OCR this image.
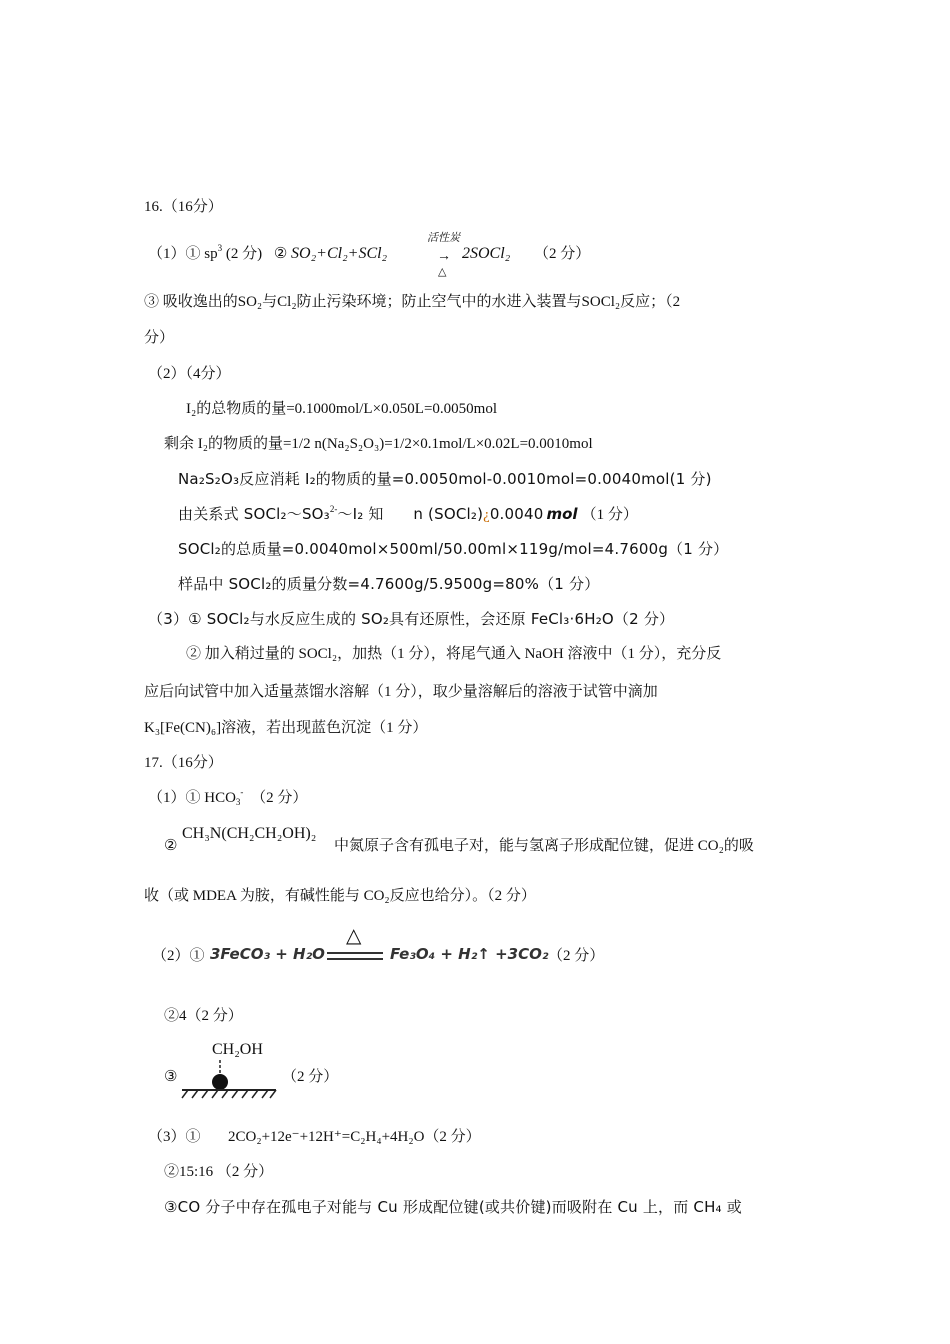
16.（16分）
（1）① $sp^3$ (2 分) ② SO₂+Cl₂+SCl₂
活性炭
→
△
2SOCl₂ （2 分）
③ 吸收逸出的SO₂与Cl₂防止污染环境；防止空气中的水进入装置与SOCl₂反应；（2
分）
（2）（4分）
I₂的总物质的量=0.1000mol/L×0.050L=0.0050mol
剩余 I₂的物质的量=1/2 n(Na₂S₂O₃)=1/2×0.1mol/L×0.02L=0.0010mol
Na₂S₂O₃反应消耗 I₂的物质的量=0.0050mol-0.0010mol=0.0040mol(1 分)
由关系式 SOCl₂～SO₃$^{2-}$～I₂ 知 n (SOCl₂)¿0.0040 mol （1 分）
SOCl₂的总质量=0.0040mol×500ml/50.00ml×119g/mol=4.7600g（1 分）
样品中 SOCl₂的质量分数=4.7600g/5.9500g=80%（1 分）
（3）① SOCl₂与水反应生成的 SO₂具有还原性，会还原 FeCl₃·6H₂O（2 分）
② 加入稍过量的 SOCl₂，加热（1 分），将尾气通入 NaOH 溶液中（1 分），充分反
应后向试管中加入适量蒸馏水溶解（1 分），取少量溶解后的溶液于试管中滴加
K₃[Fe(CN)₆]溶液，若出现蓝色沉淀（1 分）
17.（16分）
（1）① $HCO_3^-$ （2 分）
②
CH₃N(CH₂CH₂OH)₂
中氮原子含有孤电子对，能与氢离子形成配位键，促进 CO₂的吸
收（或 MDEA 为胺，有碱性能与 CO₂反应也给分）。（2 分）
（2）① 3FeCO₃ + H₂O
△
Fe₃O₄ + H₂↑ +3CO₂ （2 分）
②4（2 分）
③
CH₂OH
（2 分）
（3）① 2CO₂+12e⁻+12H⁺=C₂H₄+4H₂O（2 分）
②15:16 （2 分）
③CO 分子中存在孤电子对能与 Cu 形成配位键(或共价键)而吸附在 Cu 上，而 CH₄ 或
